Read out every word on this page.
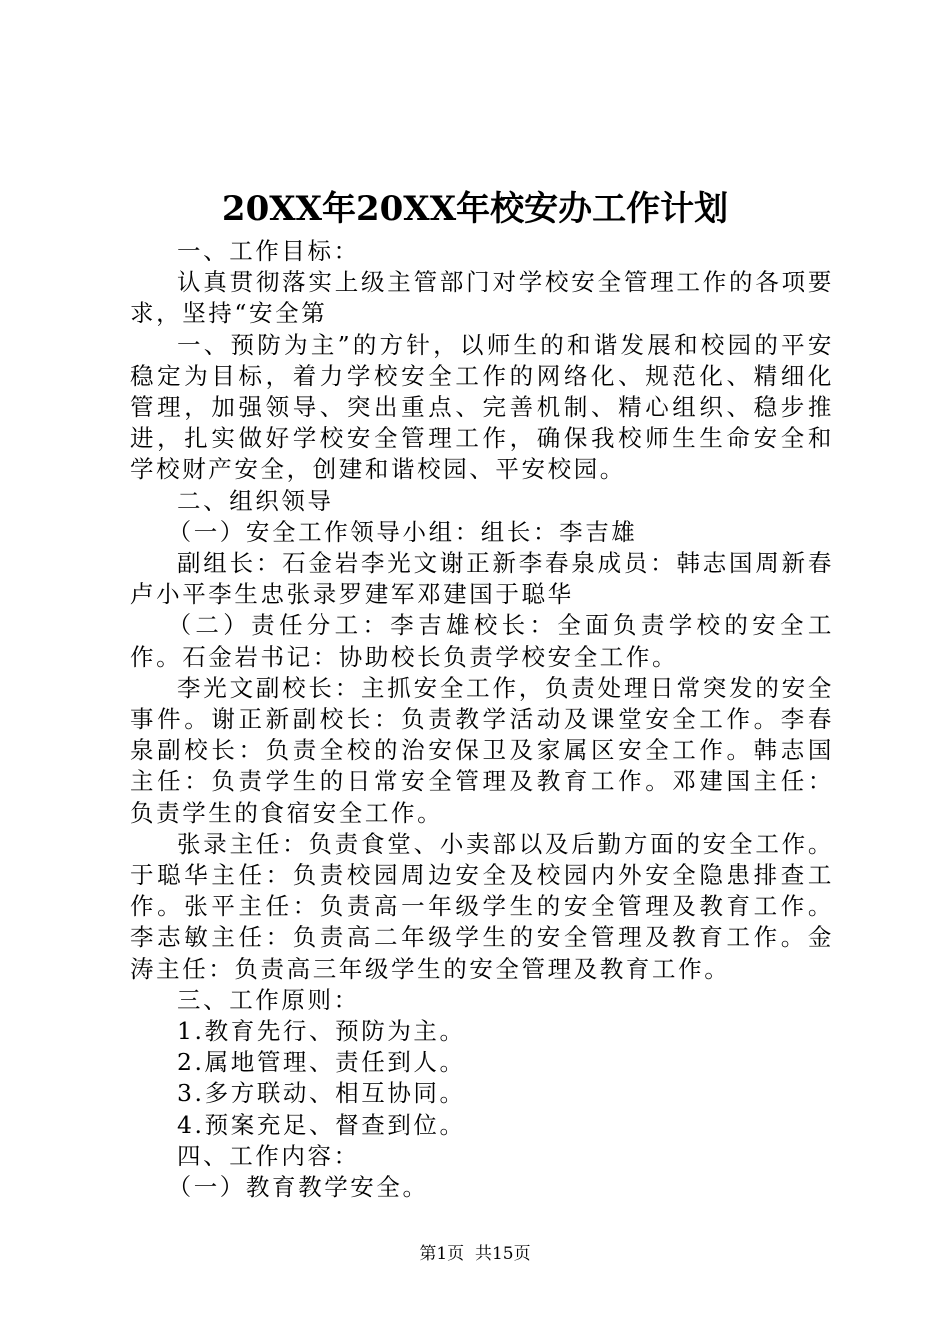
20XX年20XX年校安办工作计划

一、工作目标：

认真贯彻落实上级主管部门对学校安全管理工作的各项要求，坚持“安全第

一、预防为主”的方针，以师生的和谐发展和校园的平安稳定为目标，着力学校安全工作的网络化、规范化、精细化管理，加强领导、突出重点、完善机制、精心组织、稳步推进，扎实做好学校安全管理工作，确保我校师生生命安全和学校财产安全，创建和谐校园、平安校园。

二、组织领导

（一）安全工作领导小组：组长：李吉雄

副组长：石金岩李光文谢正新李春泉成员：韩志国周新春卢小平李生忠张录罗建军邓建国于聪华

（二）责任分工：李吉雄校长：全面负责学校的安全工作。石金岩书记：协助校长负责学校安全工作。

李光文副校长：主抓安全工作，负责处理日常突发的安全事件。谢正新副校长：负责教学活动及课堂安全工作。李春泉副校长：负责全校的治安保卫及家属区安全工作。韩志国主任：负责学生的日常安全管理及教育工作。邓建国主任：负责学生的食宿安全工作。

张录主任：负责食堂、小卖部以及后勤方面的安全工作。于聪华主任：负责校园周边安全及校园内外安全隐患排查工作。张平主任：负责高一年级学生的安全管理及教育工作。李志敏主任：负责高二年级学生的安全管理及教育工作。金涛主任：负责高三年级学生的安全管理及教育工作。

三、工作原则：

1.教育先行、预防为主。

2.属地管理、责任到人。

3.多方联动、相互协同。

4.预案充足、督查到位。

四、工作内容：

（一）教育教学安全。

第1页  共15页
